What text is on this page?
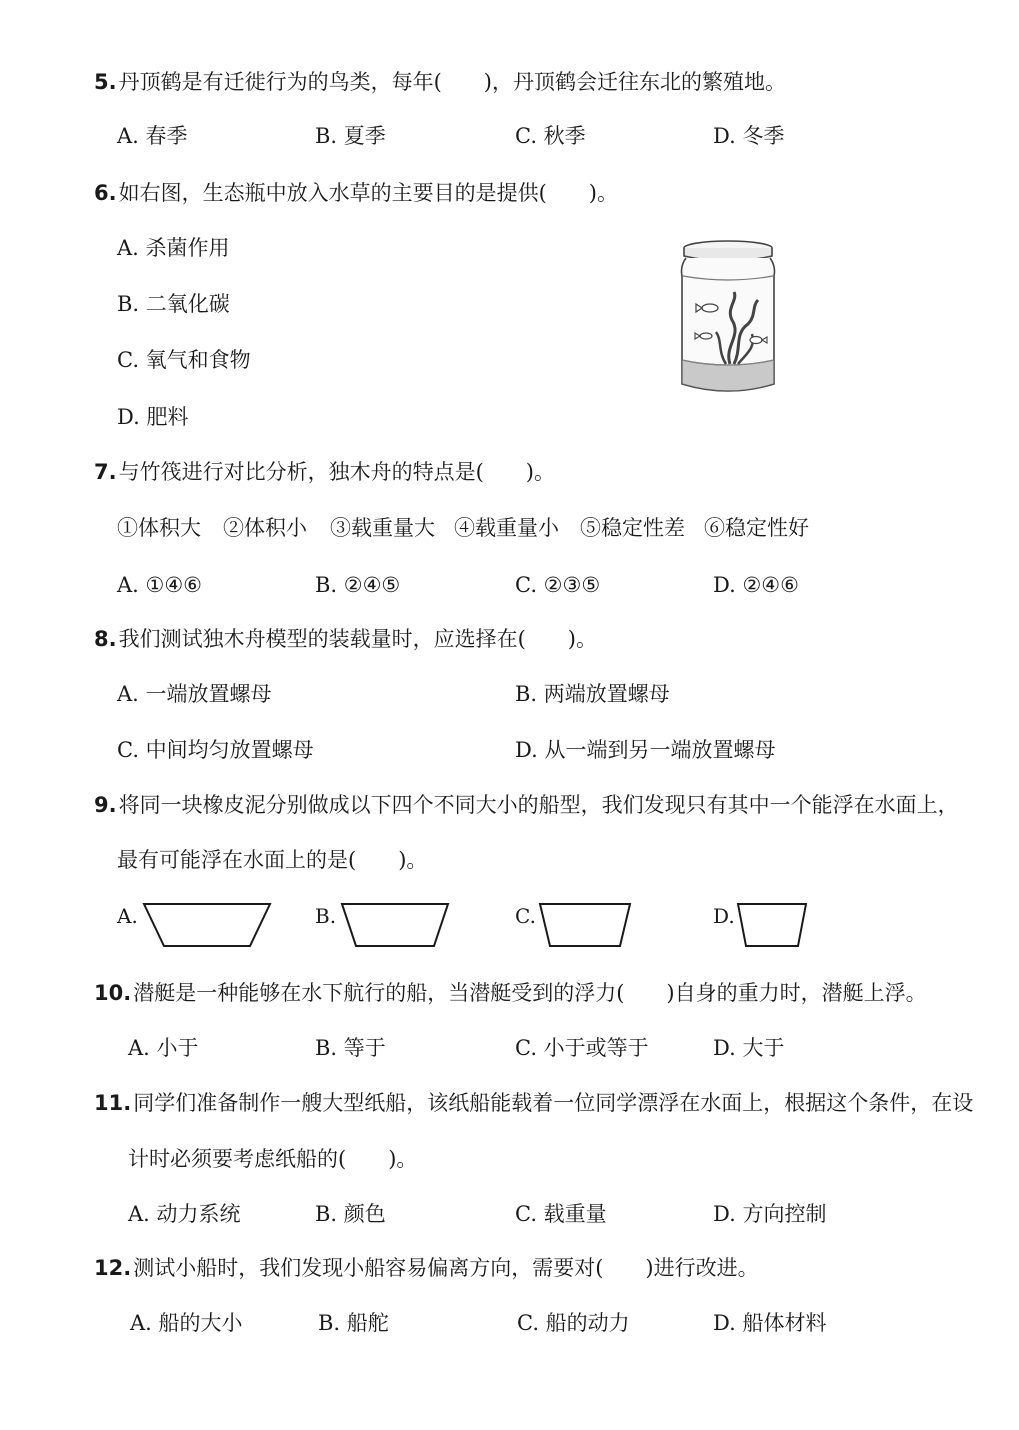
5.丹顶鹤是有迁徙行为的鸟类，每年(　　)，丹顶鹤会迁往东北的繁殖地。
A. 春季	B. 夏季	C. 秋季	D. 冬季
6.如右图，生态瓶中放入水草的主要目的是提供(　　)。
A. 杀菌作用
B. 二氧化碳
C. 氧气和食物
D. 肥料
7.与竹筏进行对比分析，独木舟的特点是(　　)。
①体积大 ②体积小 ③载重量大 ④载重量小 ⑤稳定性差 ⑥稳定性好
A. ①④⑥	B. ②④⑤	C. ②③⑤	D. ②④⑥
8.我们测试独木舟模型的装载量时，应选择在(　　)。
A. 一端放置螺母	B. 两端放置螺母
C. 中间均匀放置螺母	D. 从一端到另一端放置螺母
9.将同一块橡皮泥分别做成以下四个不同大小的船型，我们发现只有其中一个能浮在水面上，
最有可能浮在水面上的是(　　)。
A.	B.	C.	D.
10.潜艇是一种能够在水下航行的船，当潜艇受到的浮力(　　)自身的重力时，潜艇上浮。
A. 小于	B. 等于	C. 小于或等于	D. 大于
11.同学们准备制作一艘大型纸船，该纸船能载着一位同学漂浮在水面上，根据这个条件，在设
计时必须要考虑纸船的(　　)。
A. 动力系统	B. 颜色	C. 载重量	D. 方向控制
12.测试小船时，我们发现小船容易偏离方向，需要对(　　)进行改进。
A. 船的大小	B. 船舵	C. 船的动力	D. 船体材料
